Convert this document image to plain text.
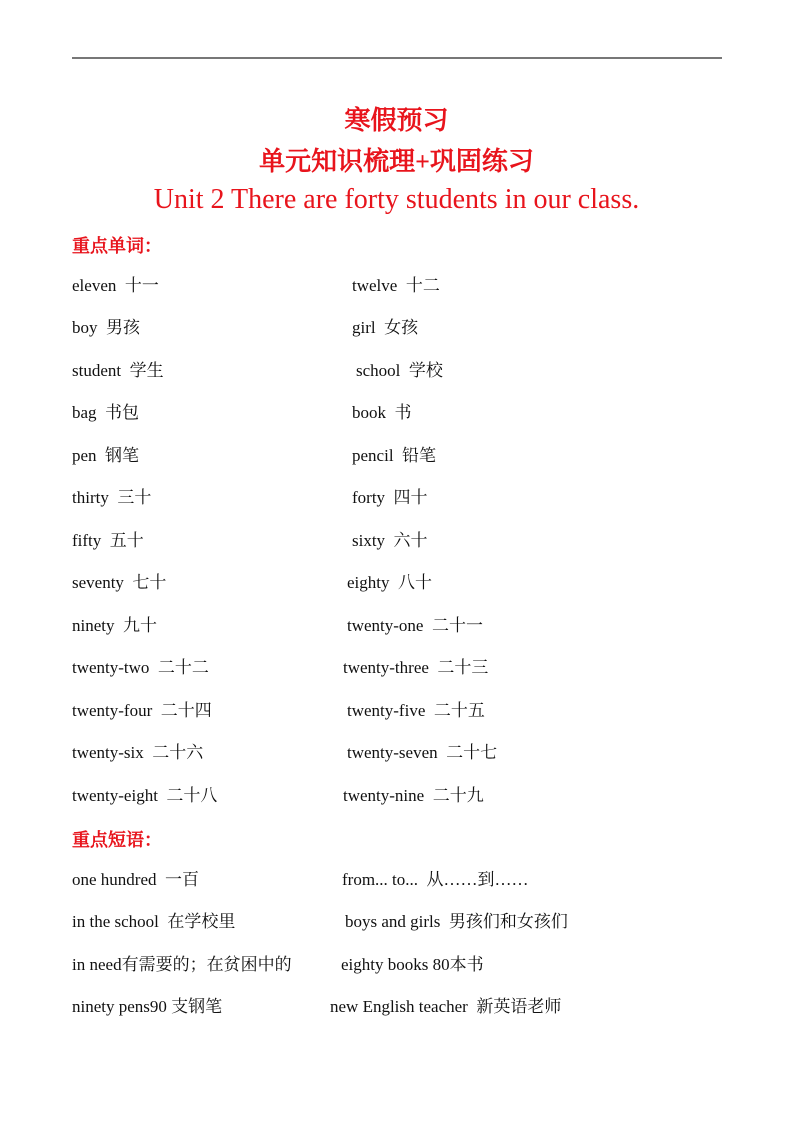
寒假预习
单元知识梳理+巩固练习
Unit 2 There are forty students in our class.
重点单词：
eleven  十一	twelve  十二
boy  男孩	girl  女孩
student  学生	school  学校
bag  书包	book  书
pen  钢笔	pencil  铅笔
thirty  三十	forty  四十
fifty  五十	sixty  六十
seventy  七十	eighty  八十
ninety  九十	twenty-one  二十一
twenty-two  二十二	twenty-three  二十三
twenty-four  二十四	twenty-five  二十五
twenty-six  二十六	twenty-seven  二十七
twenty-eight  二十八	twenty-nine  二十九
重点短语：
one hundred  一百	from... to...  从……到……
in the school  在学校里	boys and girls  男孩们和女孩们
in need有需要的；在贫困中的	eighty books 80本书
ninety pens90 支钢笔	new English teacher  新英语老师
